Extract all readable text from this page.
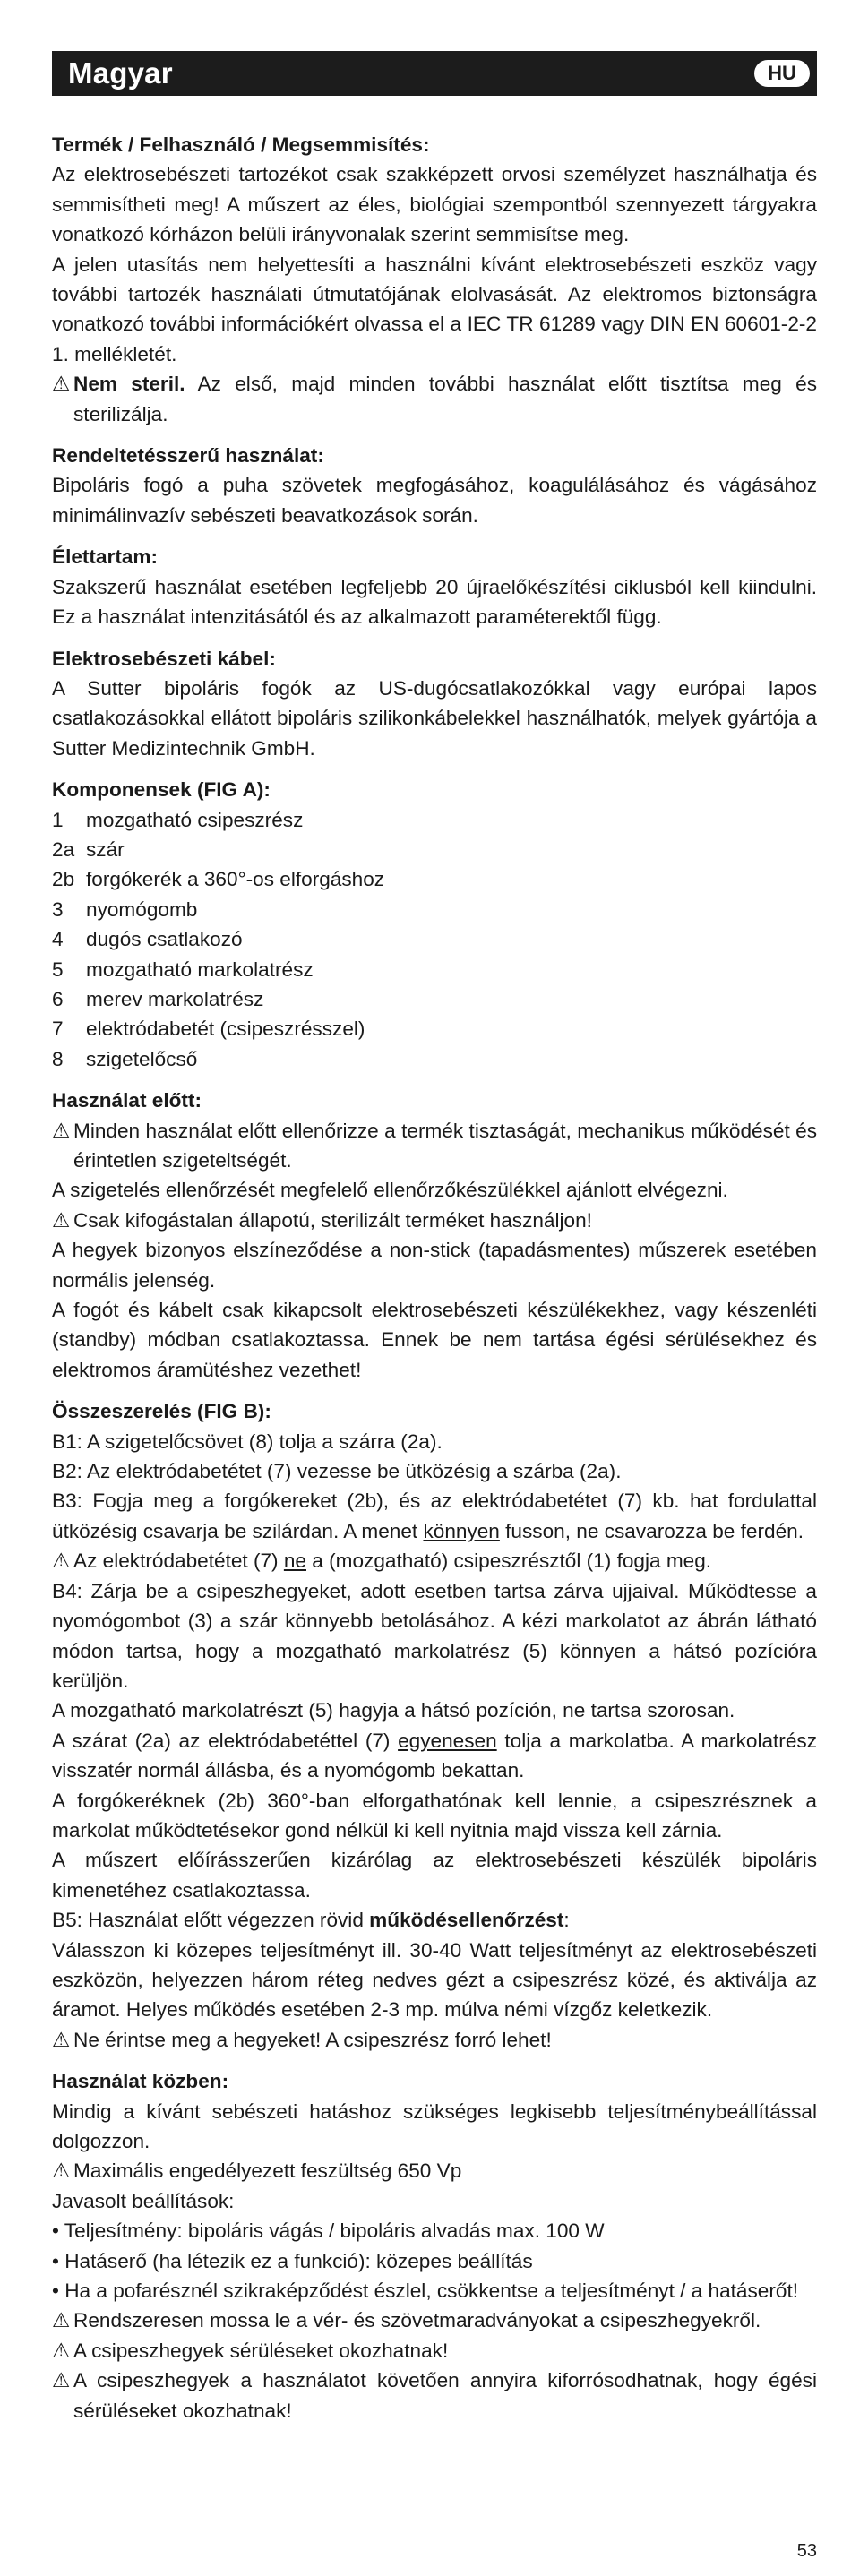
Magyar	HU

Termék / Felhasználó / Megsemmisítés:

Az elektrosebészeti tartozékot csak szakképzett orvosi személyzet használhatja és semmisítheti meg! A műszert az éles, biológiai szempontból szennyezett tárgyakra vonatkozó kórházon belüli irányvonalak szerint semmisítse meg.

A jelen utasítás nem helyettesíti a használni kívánt elektrosebészeti eszköz vagy további tartozék használati útmutatójának elolvasását. Az elektromos biztonságra vonatkozó további információkért olvassa el a IEC TR 61289 vagy DIN EN 60601-2-2 1. mellékletét.

⚠ Nem steril. Az első, majd minden további használat előtt tisztítsa meg és sterilizálja.

Rendeltetésszerű használat:

Bipoláris fogó a puha szövetek megfogásához, koagulálásához és vágásához minimálinvazív sebészeti beavatkozások során.

Élettartam:

Szakszerű használat esetében legfeljebb 20 újraelőkészítési ciklusból kell kiindulni. Ez a használat intenzitásától és az alkalmazott paraméterektől függ.

Elektrosebészeti kábel:

A Sutter bipoláris fogók az US-dugócsatlakozókkal vagy európai lapos csatlakozásokkal ellátott bipoláris szilikonkábelekkel használhatók, melyek gyártója a Sutter Medizintechnik GmbH.

Komponensek (FIG A):

1	mozgatható csipeszrész
2a szár
2b forgókerék a 360°-os elforgáshoz
3	nyomógomb
4	dugós csatlakozó
5	mozgatható markolatrész
6	merev markolatrész
7	elektródabetét (csipeszrésszel)
8	szigetelőcső

Használat előtt:

⚠ Minden használat előtt ellenőrizze a termék tisztaságát, mechanikus működését és érintetlen szigeteltségét.

A szigetelés ellenőrzését megfelelő ellenőrzőkészülékkel ajánlott elvégezni.

⚠ Csak kifogástalan állapotú, sterilizált terméket használjon!

A hegyek bizonyos elszíneződése a non-stick (tapadásmentes) műszerek esetében normális jelenség.

A fogót és kábelt csak kikapcsolt elektrosebészeti készülékekhez, vagy készenléti (standby) módban csatlakoztassa. Ennek be nem tartása égési sérülésekhez és elektromos áramütéshez vezethet!

Összeszerelés (FIG B):

B1: A szigetelőcsövet (8) tolja a szárra (2a).

B2: Az elektródabetétet (7) vezesse be ütközésig a szárba (2a).

B3: Fogja meg a forgókereket (2b), és az elektródabetétet (7) kb. hat fordulattal ütközésig csavarja be szilárdan. A menet könnyen fusson, ne csavarozza be ferdén.

⚠ Az elektródabetétet (7) ne a (mozgatható) csipeszrésztől (1) fogja meg.

B4: Zárja be a csipeszhegyeket, adott esetben tartsa zárva ujjaival. Működtesse a nyomógombot (3) a szár könnyebb betolásához. A kézi markolatot az ábrán látható módon tartsa, hogy a mozgatható markolatrész (5) könnyen a hátsó pozícióra kerüljön.

A mozgatható markolatrészt (5) hagyja a hátsó pozíción, ne tartsa szorosan.

A szárat (2a) az elektródabetéttel (7) egyenesen tolja a markolatba. A markolatrész visszatér normál állásba, és a nyomógomb bekattan.

A forgókeréknek (2b) 360°-ban elforgathatónak kell lennie, a csipeszrésznek a markolat működtetésekor gond nélkül ki kell nyitnia majd vissza kell zárnia.

A műszert előírásszerűen kizárólag az elektrosebészeti készülék bipoláris kimenetéhez csatlakoztassa.

B5: Használat előtt végezzen rövid működésellenőrzést:

Válasszon ki közepes teljesítményt ill. 30-40 Watt teljesítményt az elektrosebészeti eszközön, helyezzen három réteg nedves gézt a csipeszrész közé, és aktiválja az áramot. Helyes működés esetében 2-3 mp. múlva némi vízgőz keletkezik.

⚠ Ne érintse meg a hegyeket! A csipeszrész forró lehet!

Használat közben:

Mindig a kívánt sebészeti hatáshoz szükséges legkisebb teljesítménybeállítással dolgozzon.

⚠ Maximális engedélyezett feszültség 650 Vp

Javasolt beállítások:

• Teljesítmény: bipoláris vágás / bipoláris alvadás max. 100 W

• Hatáserő (ha létezik ez a funkció): közepes beállítás

• Ha a pofarésznél szikraképződést észlel, csökkentse a teljesítményt / a hatáserőt!

⚠ Rendszeresen mossa le a vér- és szövetmaradványokat a csipeszhegyekről.

⚠ A csipeszhegyek sérüléseket okozhatnak!

⚠ A csipeszhegyek a használatot követően annyira kiforrósodhatnak, hogy égési sérüléseket okozhatnak!

53
